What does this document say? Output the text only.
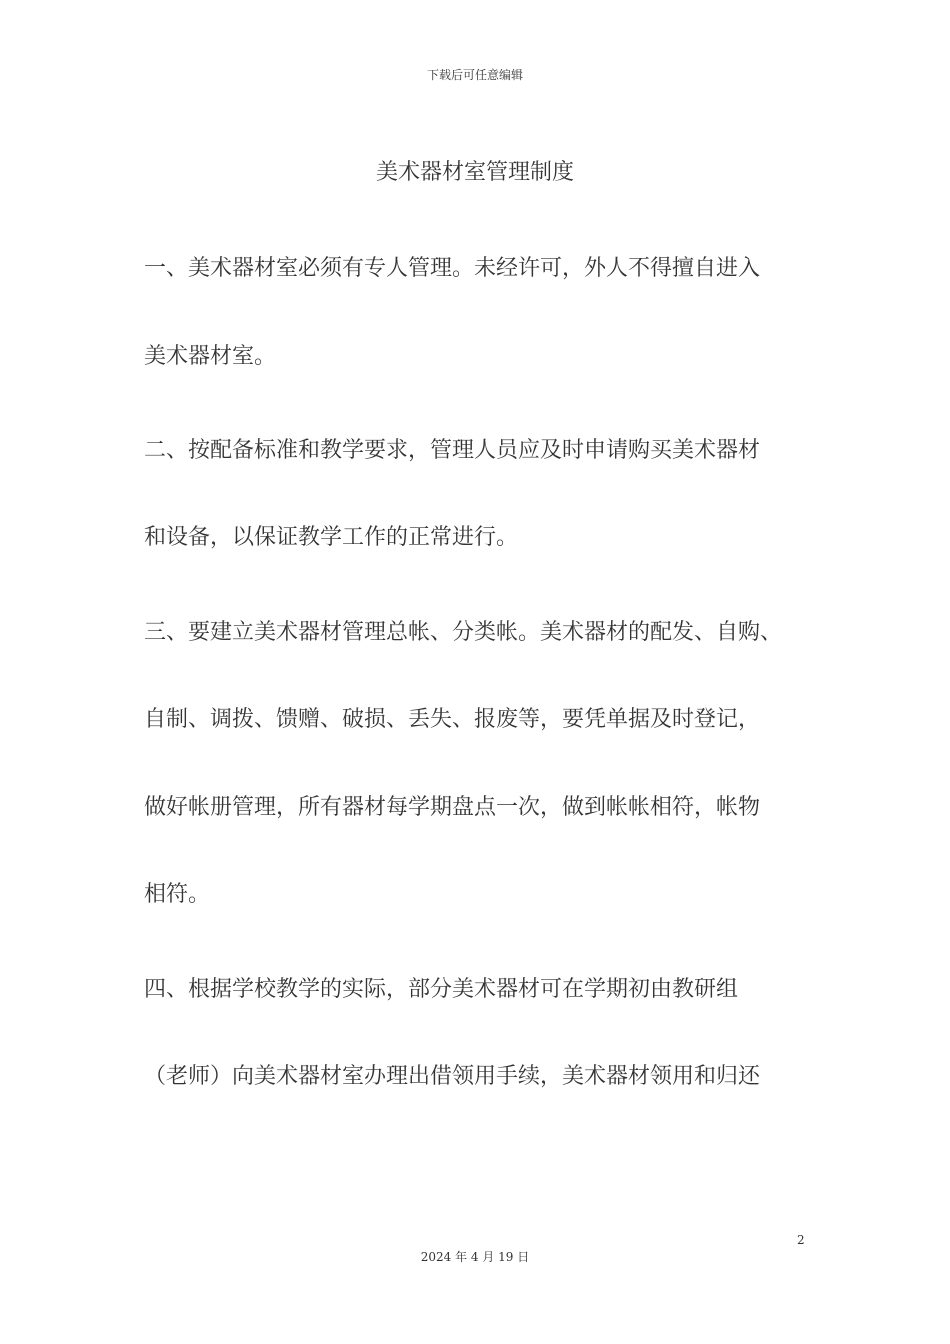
下载后可任意编辑
美术器材室管理制度
一、美术器材室必须有专人管理。未经许可，外人不得擅自进入
美术器材室。
二、按配备标准和教学要求，管理人员应及时申请购买美术器材
和设备，以保证教学工作的正常进行。
三、要建立美术器材管理总帐、分类帐。美术器材的配发、自购、
自制、调拨、馈赠、破损、丢失、报废等，要凭单据及时登记，
做好帐册管理，所有器材每学期盘点一次，做到帐帐相符，帐物
相符。
四、根据学校教学的实际，部分美术器材可在学期初由教研组
（老师）向美术器材室办理出借领用手续，美术器材领用和归还
2
2024 年 4 月 19 日
